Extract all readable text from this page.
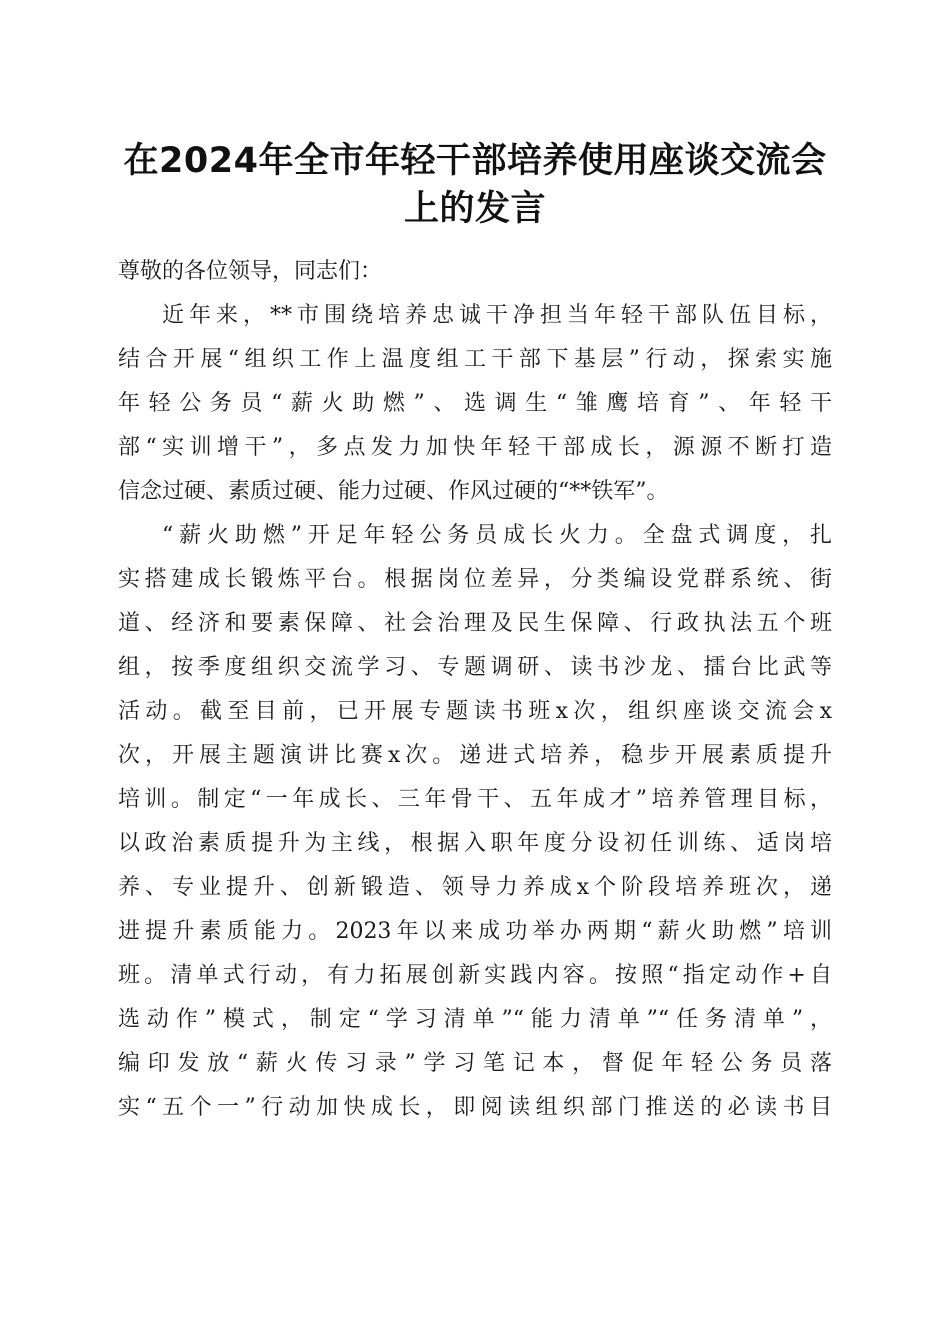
在2024年全市年轻干部培养使用座谈交流会
上的发言
尊敬的各位领导，同志们：
近年来，**市围绕培养忠诚干净担当年轻干部队伍目标，
结合开展“组织工作上温度组工干部下基层”行动，探索实施
年轻公务员“薪火助燃”、选调生“雏鹰培育”、年轻干
部“实训增干”，多点发力加快年轻干部成长，源源不断打造
信念过硬、素质过硬、能力过硬、作风过硬的“**铁军”。
“薪火助燃”开足年轻公务员成长火力。全盘式调度，扎
实搭建成长锻炼平台。根据岗位差异，分类编设党群系统、街
道、经济和要素保障、社会治理及民生保障、行政执法五个班
组，按季度组织交流学习、专题调研、读书沙龙、擂台比武等
活动。截至目前，已开展专题读书班x次，组织座谈交流会x
次，开展主题演讲比赛x次。递进式培养，稳步开展素质提升
培训。制定“一年成长、三年骨干、五年成才”培养管理目标，
以政治素质提升为主线，根据入职年度分设初任训练、适岗培
养、专业提升、创新锻造、领导力养成x个阶段培养班次，递
进提升素质能力。2023年以来成功举办两期“薪火助燃”培训
班。清单式行动，有力拓展创新实践内容。按照“指定动作+自
选动作”模式，制定“学习清单”“能力清单”“任务清单”，
编印发放“薪火传习录”学习笔记本，督促年轻公务员落
实“五个一”行动加快成长，即阅读组织部门推送的必读书目
